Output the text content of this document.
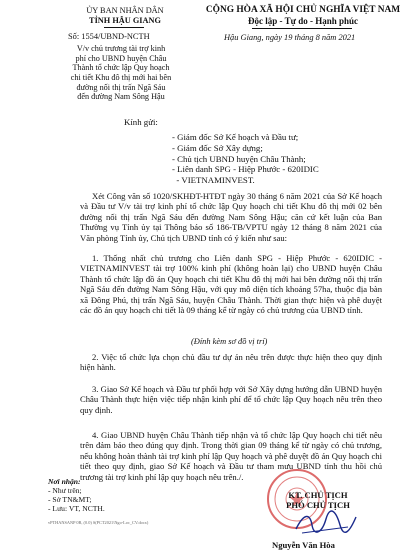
ỦY BAN NHÂN DÂN
TỈNH HẬU GIANG
CỘNG HÒA XÃ HỘI CHỦ NGHĨA VIỆT NAM
Độc lập - Tự do - Hạnh phúc
Số: 1554/UBND-NCTH	Hậu Giang, ngày 19 tháng 8 năm 2021
V/v chủ trương tài trợ kinh
phí cho UBND huyện Châu
Thành tổ chức lập Quy hoạch
chi tiết Khu đô thị mới hai bên
đường nối thị trấn Ngã Sáu
đến đường Nam Sông Hậu
Kính gửi:
- Giám đốc Sở Kế hoạch và Đầu tư;
- Giám đốc Sở Xây dựng;
- Chủ tịch UBND huyện Châu Thành;
- Liên danh SPG - Hiệp Phước - 620IDIC
- VIETNAMINVEST.
Xét Công văn số 1020/SKHĐT-HTĐT ngày 30 tháng 6 năm 2021 của Sở Kế hoạch và Đầu tư V/v tài trợ kinh phí tổ chức lập Quy hoạch chi tiết Khu đô thị mới 02 bên đường nối thị trấn Ngã Sáu đến đường Nam Sông Hậu; căn cứ kết luận của Ban Thường vụ Tỉnh ủy tại Thông báo số 186-TB/VPTU ngày 12 tháng 8 năm 2021 của Văn phòng Tỉnh ủy, Chủ tịch UBND tỉnh có ý kiến như sau:
1. Thống nhất chủ trương cho Liên danh SPG - Hiệp Phước - 620IDIC - VIETNAMINVEST tài trợ 100% kinh phí (không hoàn lại) cho UBND huyện Châu Thành tổ chức lập đồ án Quy hoạch chi tiết Khu đô thị mới hai bên đường nối thị trấn Ngã Sáu đến đường Nam Sông Hậu, với quy mô diện tích khoảng 57ha, thuộc địa bàn xã Đông Phú, thị trấn Ngã Sáu, huyện Châu Thành. Thời gian thực hiện và phê duyệt các đồ án quy hoạch chi tiết là 09 tháng kể từ ngày có chủ trương của UBND tỉnh.
(Đính kèm sơ đồ vị trí)
2. Việc tổ chức lựa chọn chủ đầu tư dự án nêu trên được thực hiện theo quy định hiện hành.
3. Giao Sở Kế hoạch và Đầu tư phối hợp với Sở Xây dựng hướng dẫn UBND huyện Châu Thành thực hiện việc tiếp nhận kinh phí để tổ chức lập Quy hoạch nêu trên theo quy định.
4. Giao UBND huyện Châu Thành tiếp nhận và tổ chức lập Quy hoạch chi tiết nêu trên đảm bảo theo đúng quy định. Trong thời gian 09 tháng kể từ ngày có chủ trương, nếu không hoàn thành tài trợ kinh phí lập Quy hoạch và phê duyệt đồ án Quy hoạch chi tiết theo quy định, giao Sở Kế hoạch và Đầu tư tham mưu UBND tỉnh thu hồi chủ trương tài trợ kinh phí lập quy hoạch nêu trên./.
Nơi nhận:
- Như trên;
- Sở TN&MT;
- Lưu: VT, NCTH.
vPTHANSANP 0B, (0.0) S(PCT2021\Ngo-Loc_CV.docx)
KT. CHỦ TỊCH
PHÓ CHỦ TỊCH
Nguyễn Văn Hòa
